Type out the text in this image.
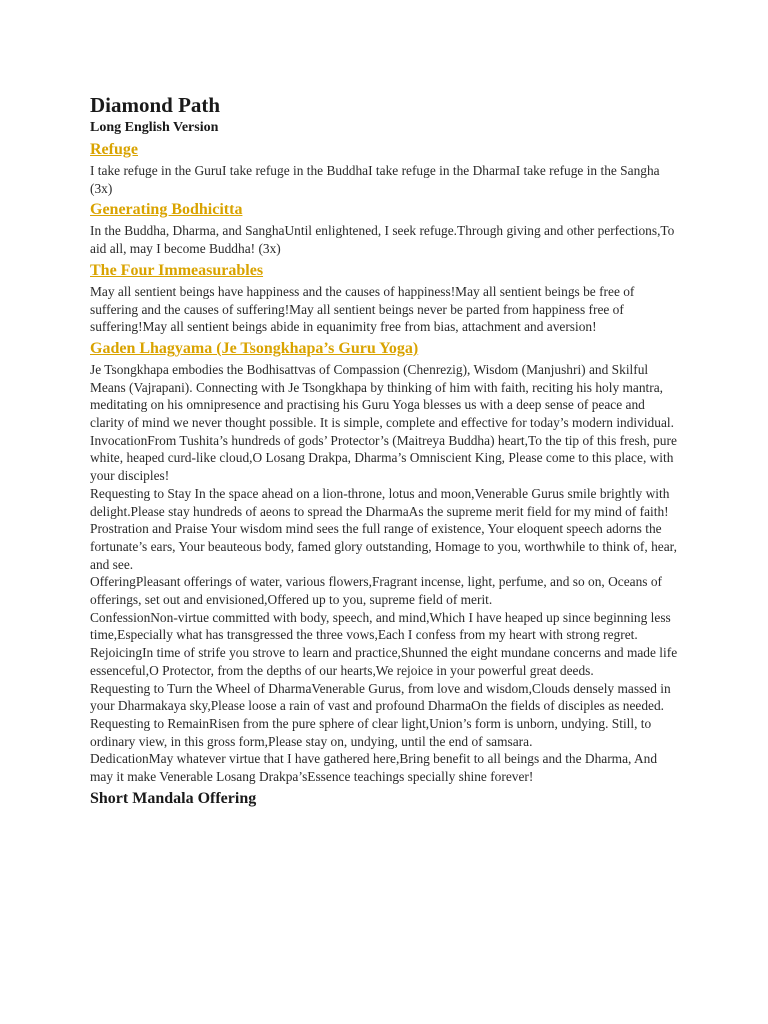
Diamond Path
Long English Version
Refuge

I take refuge in the GuruI take refuge in the BuddhaI take refuge in the DharmaI take refuge in the Sangha (3x)

Generating Bodhicitta

In the Buddha, Dharma, and SanghaUntil enlightened, I seek refuge.Through giving and other perfections,To aid all, may I become Buddha! (3x)

The Four Immeasurables

May all sentient beings have happiness and the causes of happiness!May all sentient beings be free of suffering and the causes of suffering!May all sentient beings never be parted from happiness free of suffering!May all sentient beings abide in equanimity free from bias, attachment and aversion!

Gaden Lhagyama (Je Tsongkhapa’s Guru Yoga)

Je Tsongkhapa embodies the Bodhisattvas of Compassion (Chenrezig), Wisdom (Manjushri) and Skilful Means (Vajrapani). Connecting with Je Tsongkhapa by thinking of him with faith, reciting his holy mantra, meditating on his omnipresence and practising his Guru Yoga blesses us with a deep sense of peace and clarity of mind we never thought possible. It is simple, complete and effective for today’s modern individual.

InvocationFrom Tushita’s hundreds of gods’ Protector’s (Maitreya Buddha) heart,To the tip of this fresh, pure white, heaped curd-like cloud,O Losang Drakpa, Dharma’s Omniscient King, Please come to this place, with your disciples!

Requesting to Stay In the space ahead on a lion-throne, lotus and moon,Venerable Gurus smile brightly with delight.Please stay hundreds of aeons to spread the DharmaAs the supreme merit field for my mind of faith!

Prostration and Praise Your wisdom mind sees the full range of existence, Your eloquent speech adorns the fortunate’s ears, Your beauteous body, famed glory outstanding, Homage to you, worthwhile to think of, hear, and see.

OfferingPleasant offerings of water, various flowers,Fragrant incense, light, perfume, and so on, Oceans of offerings, set out and envisioned,Offered up to you, supreme field of merit.

ConfessionNon-virtue committed with body, speech, and mind,Which I have heaped up since beginning less time,Especially what has transgressed the three vows,Each I confess from my heart with strong regret.

RejoicingIn time of strife you strove to learn and practice,Shunned the eight mundane concerns and made life essenceful,O Protector, from the depths of our hearts,We rejoice in your powerful great deeds.

Requesting to Turn the Wheel of DharmaVenerable Gurus, from love and wisdom,Clouds densely massed in your Dharmakaya sky,Please loose a rain of vast and profound DharmaOn the fields of disciples as needed.

Requesting to RemainRisen from the pure sphere of clear light,Union’s form is unborn, undying. Still, to ordinary view, in this gross form,Please stay on, undying, until the end of samsara.

DedicationMay whatever virtue that I have gathered here,Bring benefit to all beings and the Dharma, And may it make Venerable Losang Drakpa’sEssence teachings specially shine forever!

Short Mandala Offering
